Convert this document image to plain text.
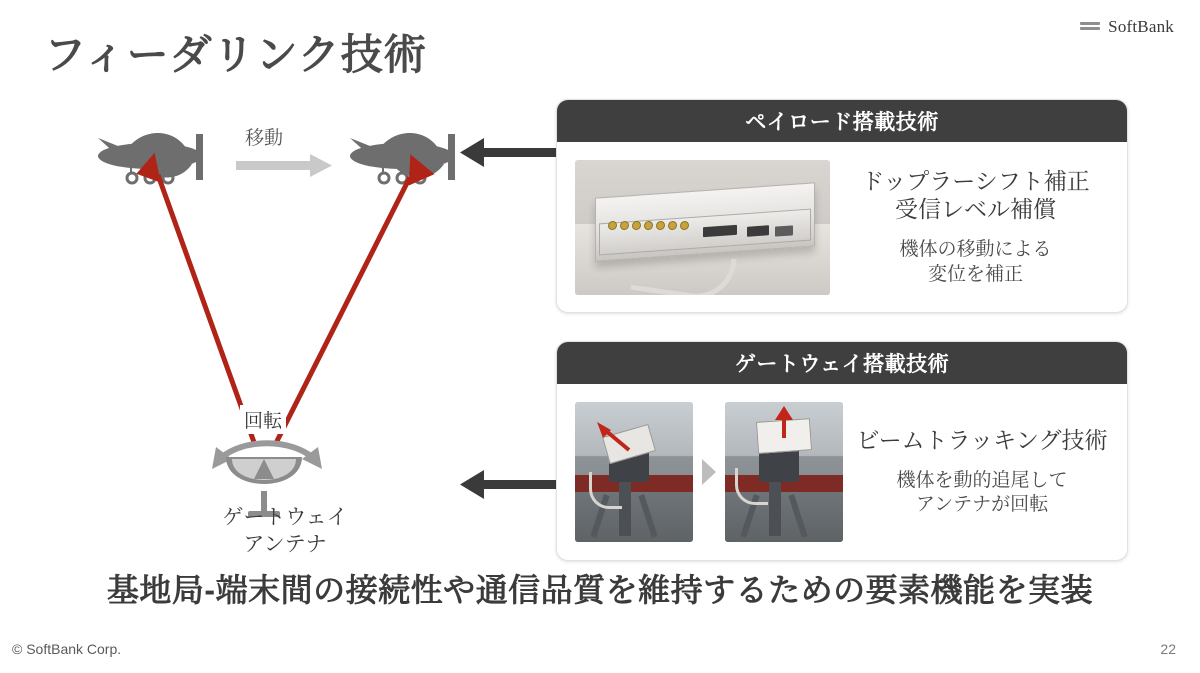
SoftBank
フィーダリンク技術
移動
回転
ゲートウェイ
アンテナ
ペイロード搭載技術
ドップラーシフト補正
受信レベル補償
機体の移動による
変位を補正
ゲートウェイ搭載技術
ビームトラッキング技術
機体を動的追尾して
アンテナが回転
基地局-端末間の接続性や通信品質を維持するための要素機能を実装
© SoftBank Corp.	22
